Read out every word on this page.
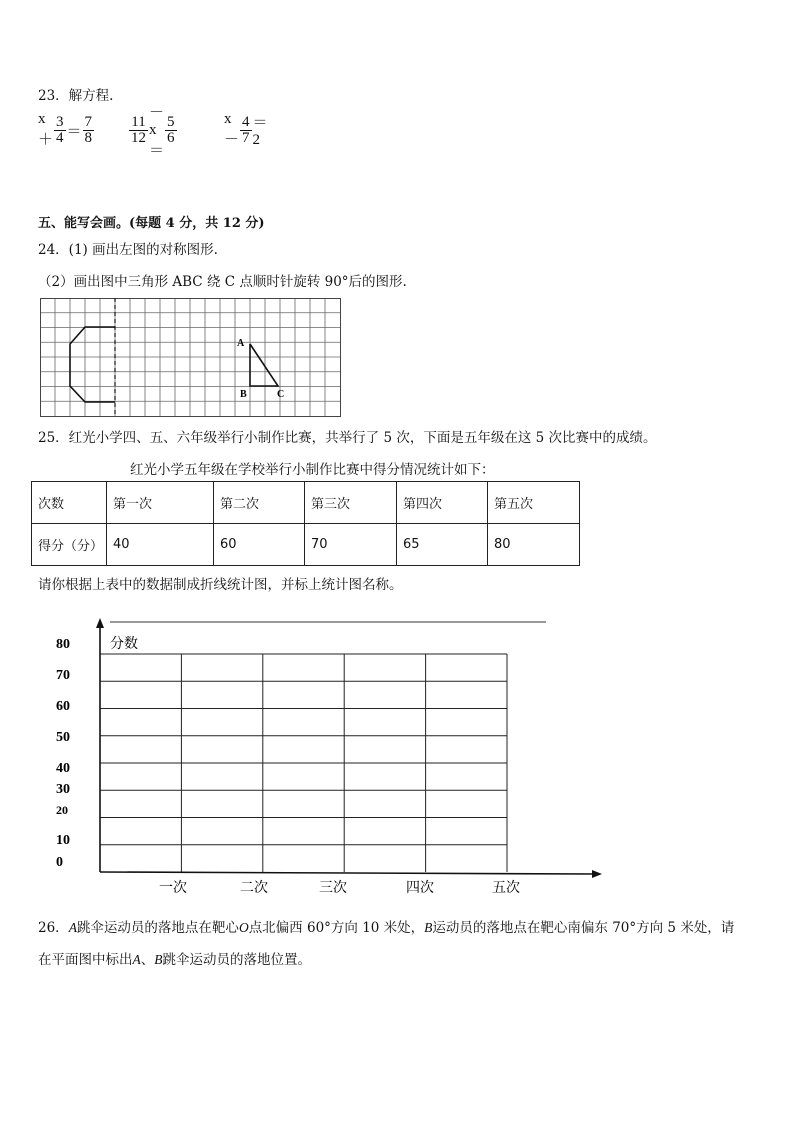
23．解方程.
$x+ \frac{3}{4} = \frac{7}{8} \frac{11}{12}$
－x＝
$\frac{5}{6}$	$x- \frac{4}{7} =2$
五、能写会画。(每题 4 分，共 12 分)
24．(1) 画出左图的对称图形.
（2）画出图中三角形 ABC 绕 C 点顺时针旋转 90°后的图形.
A
B	C
25．红光小学四、五、六年级举行小制作比赛，共举行了 5 次，下面是五年级在这 5 次比赛中的成绩。
红光小学五年级在学校举行小制作比赛中得分情况统计如下：
次数	第一次	第二次	第三次	第四次	第五次
得分（分）	40	60	70	65	80
请你根据上表中的数据制成折线统计图，并标上统计图名称。
分数
80
70
60
50
40
30
20
10
0
一次	二次	三次	四次	五次
26．A跳伞运动员的落地点在靶心O点北偏西 60°方向 10 米处，B运动员的落地点在靶心南偏东 70°方向 5 米处，请
在平面图中标出A、B跳伞运动员的落地位置。
